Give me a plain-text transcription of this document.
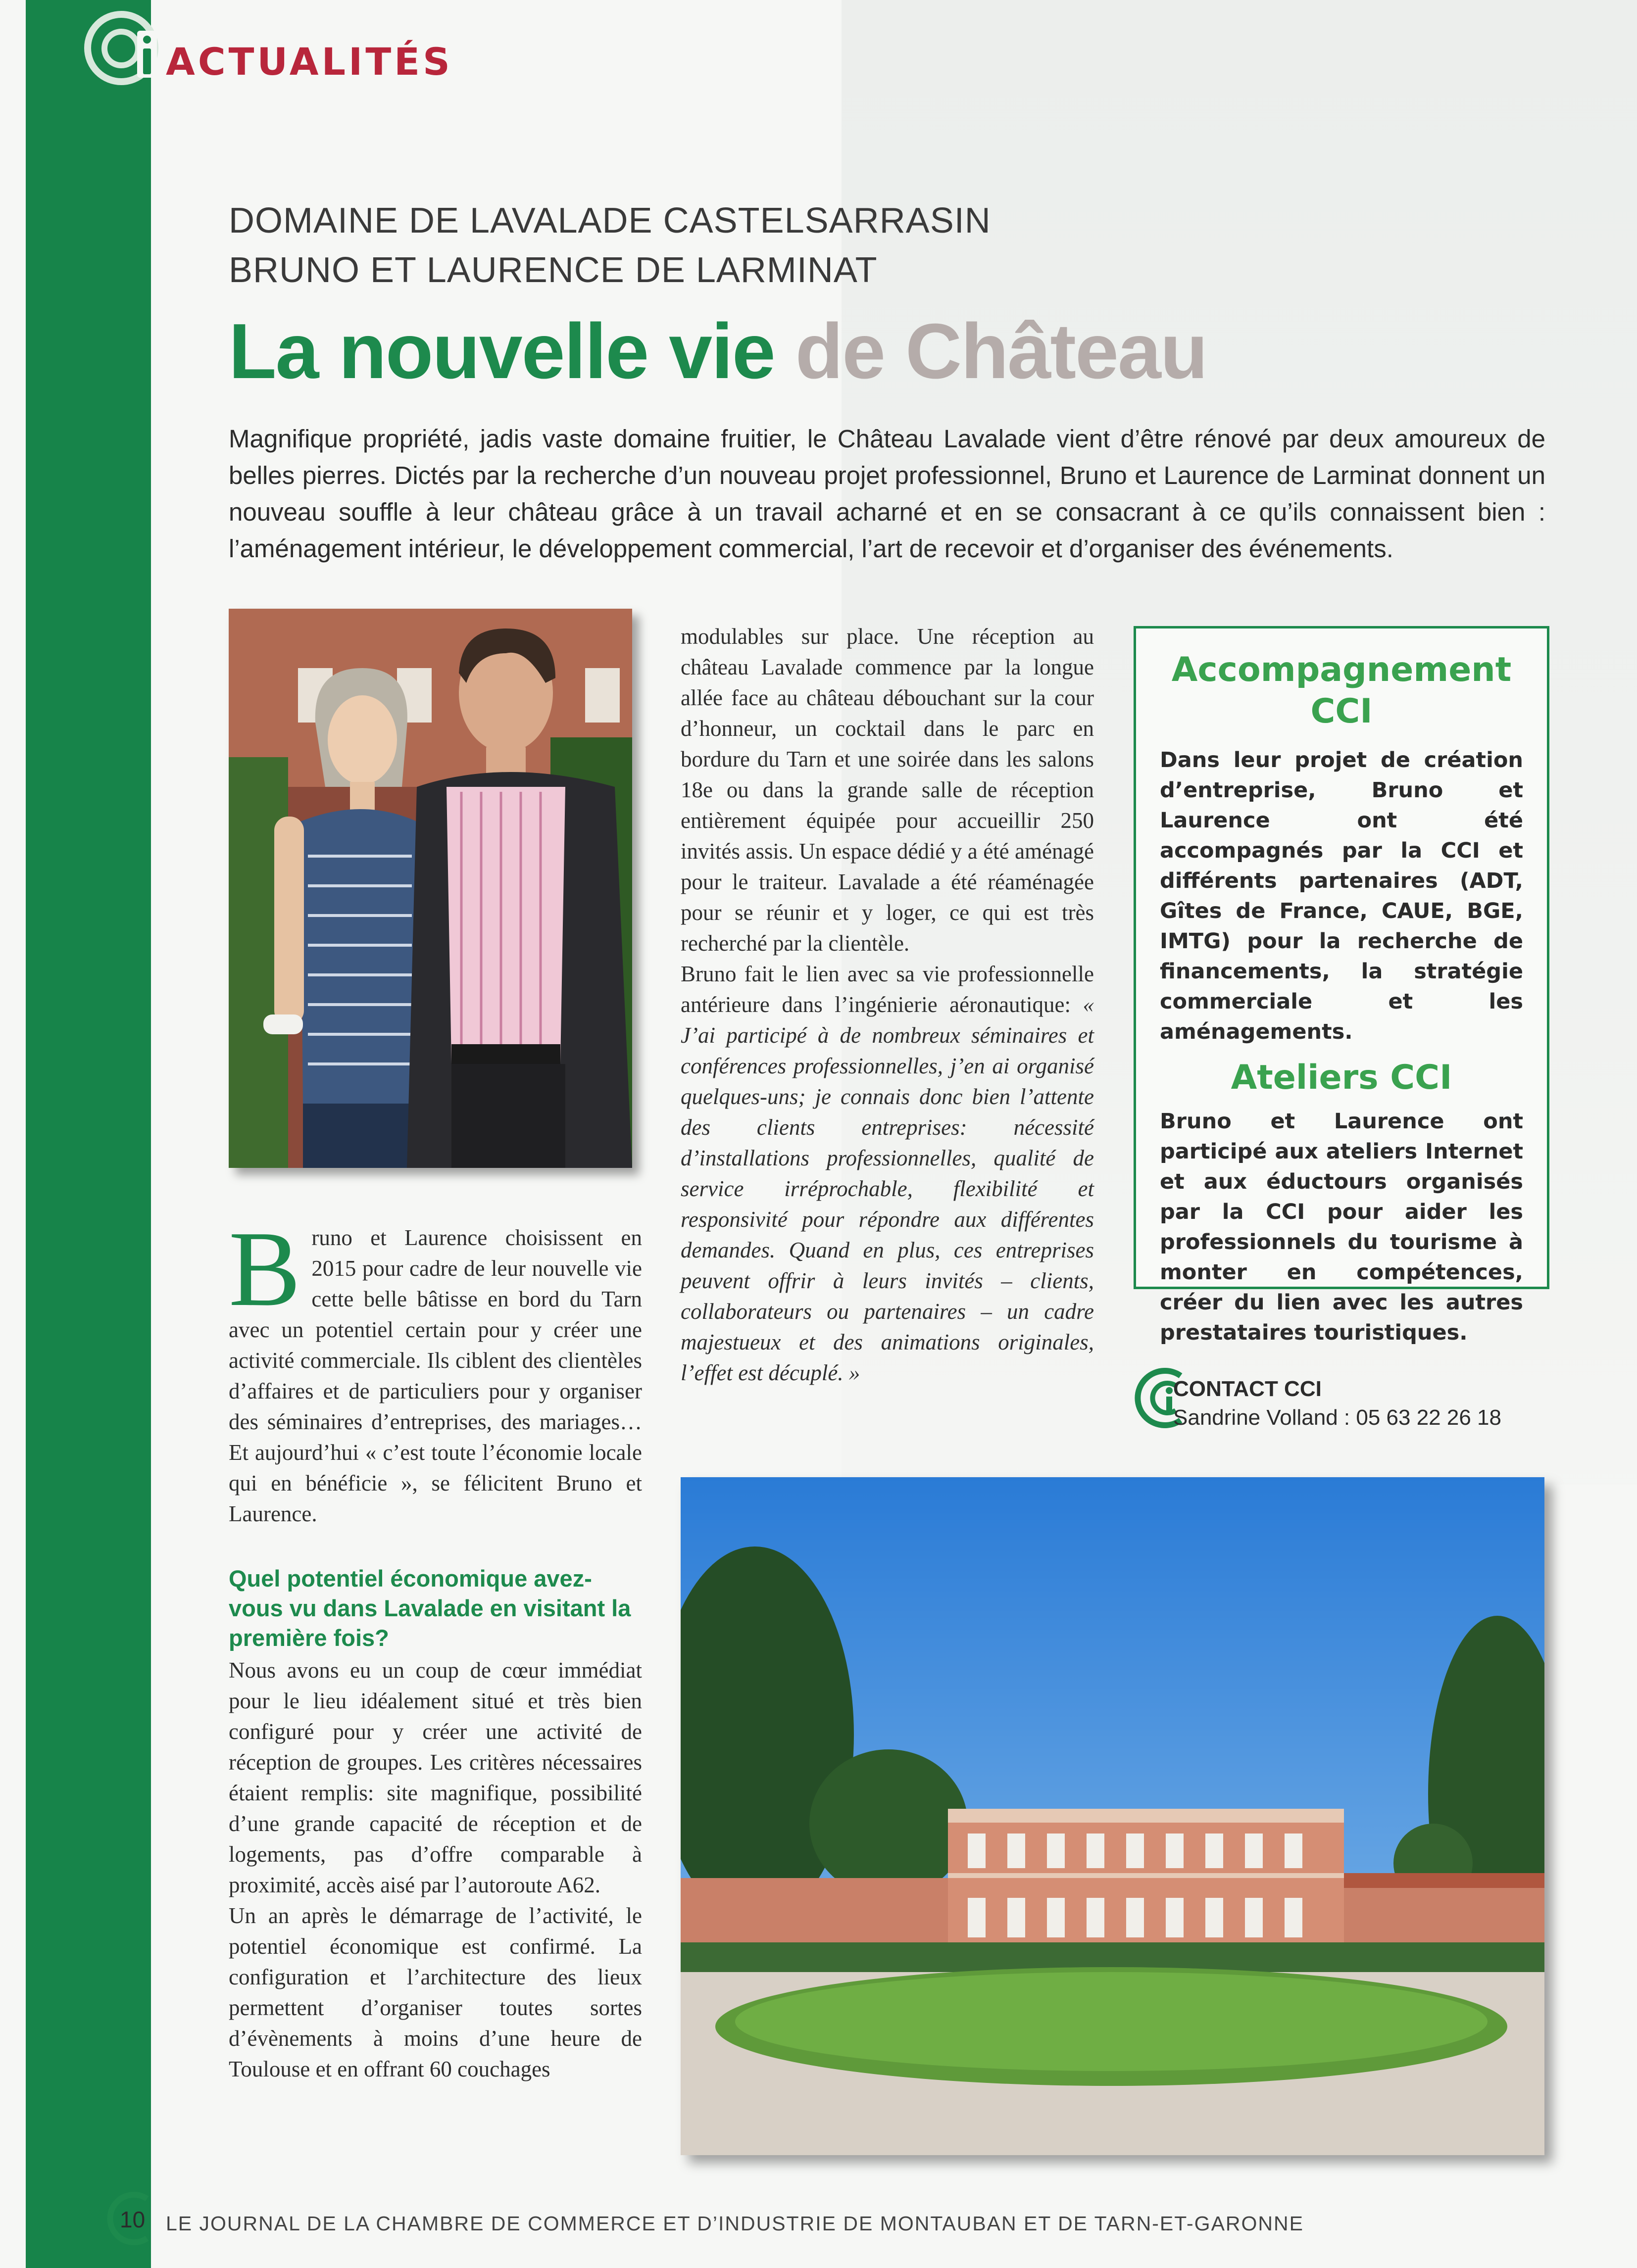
ACTUALITÉS
DOMAINE DE LAVALADE CASTELSARRASIN
BRUNO ET LAURENCE DE LARMINAT
La nouvelle vie de Château
Magnifique propriété, jadis vaste domaine fruitier, le Château Lavalade vient d’être rénové par deux amoureux de belles pierres. Dictés par la recherche d’un nouveau projet professionnel, Bruno et Laurence de Larminat donnent un nouveau souffle à leur château grâce à un travail acharné et en se consacrant à ce qu’ils connaissent bien : l’aménagement intérieur, le développement commercial, l’art de recevoir et d’organiser des événements.

Bruno et Laurence choisissent en 2015 pour cadre de leur nouvelle vie cette belle bâtisse en bord du Tarn avec un potentiel certain pour y créer une activité commerciale. Ils ciblent des clientèles d’affaires et de particuliers pour y organiser des séminaires d’entreprises, des mariages… Et aujourd’hui « c’est toute l’économie locale qui en bénéficie », se félicitent Bruno et Laurence.

Quel potentiel économique avez-vous vu dans Lavalade en visitant la première fois?

Nous avons eu un coup de cœur immédiat pour le lieu idéalement situé et très bien configuré pour y créer une activité de réception de groupes. Les critères nécessaires étaient remplis: site magnifique, possibilité d’une grande capacité de réception et de logements, pas d’offre comparable à proximité, accès aisé par l’autoroute A62.

Un an après le démarrage de l’activité, le potentiel économique est confirmé. La configuration et l’architecture des lieux permettent d’organiser toutes sortes d’évènements à moins d’une heure de Toulouse et en offrant 60 couchages

modulables sur place. Une réception au château Lavalade commence par la longue allée face au château débouchant sur la cour d’honneur, un cocktail dans le parc en bordure du Tarn et une soirée dans les salons 18e ou dans la grande salle de réception entièrement équipée pour accueillir 250 invités assis. Un espace dédié y a été aménagé pour le traiteur. Lavalade a été réaménagée pour se réunir et y loger, ce qui est très recherché par la clientèle.

Bruno fait le lien avec sa vie professionnelle antérieure dans l’ingénierie aéronautique: « J’ai participé à de nombreux séminaires et conférences professionnelles, j’en ai organisé quelques-uns; je connais donc bien l’attente des clients entreprises: nécessité d’installations professionnelles, qualité de service irréprochable, flexibilité et responsivité pour répondre aux différentes demandes. Quand en plus, ces entreprises peuvent offrir à leurs invités – clients, collaborateurs ou partenaires – un cadre majestueux et des animations originales, l’effet est décuplé. »

Accompagnement
CCI
Dans leur projet de création d’entreprise, Bruno et Laurence ont été accompagnés par la CCI et différents partenaires (ADT, Gîtes de France, CAUE, BGE, IMTG) pour la recherche de financements, la stratégie commerciale et les aménagements.
Ateliers CCI
Bruno et Laurence ont participé aux ateliers Internet et aux éductours organisés par la CCI pour aider les professionnels du tourisme à monter en compétences, créer du lien avec les autres prestataires touristiques.
CONTACT CCI
Sandrine Volland : 05 63 22 26 18
10 LE JOURNAL DE LA CHAMBRE DE COMMERCE ET D’INDUSTRIE DE MONTAUBAN ET DE TARN-ET-GARONNE
